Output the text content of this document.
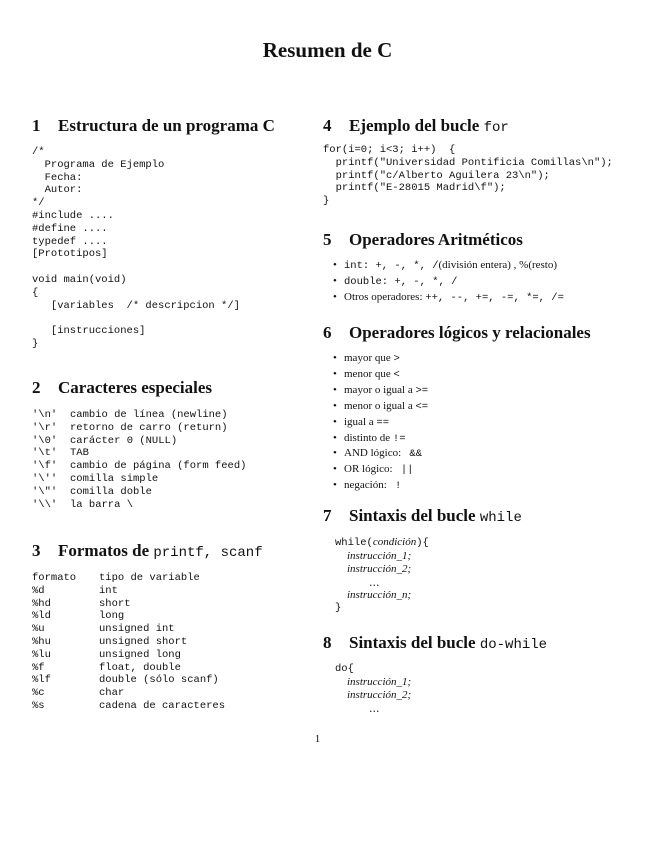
Resumen de C
1 Estructura de un programa C
/*
Programa de Ejemplo
Fecha:
Autor:
*/
#include ....
#define ....
typedef ....
[Prototipos]

void main(void)
{
[variables  /* descripcion */]

[instrucciones]
}
2 Caracteres especiales
'\n' cambio de línea (newline)
'\r' retorno de carro (return)
'\0' carácter 0 (NULL)
'\t' TAB
'\f' cambio de página (form feed)
'\'' comilla simple
'\"' comilla doble
'\\' la barra \
3 Formatos de printf, scanf
formato tipo de variable
%d	int
%hd	short
%ld	long
%u	unsigned int
%hu	unsigned short
%lu	unsigned long
%f	float, double
%lf	double (sólo scanf)
%c	char
%s	cadena de caracteres
4 Ejemplo del bucle for
for(i=0; i<3; i++)  {
printf("Universidad Pontificia Comillas\n");
printf("c/Alberto Aguilera 23\n");
printf("E-28015 Madrid\f");
}
5 Operadores Aritméticos
• int: +, -, *, /(división entera) , %(resto)
• double: +, -, *, /
• Otros operadores: ++, --, +=, -=, *=, /=
6 Operadores lógicos y relacionales
• mayor que >
• menor que <
• mayor o igual a >=
• menor o igual a <=
• igual a ==
• distinto de !=
• AND lógico:   &&
• OR lógico:   ||
• negación:   !
7 Sintaxis del bucle while
while(condición){
instrucción_1;
instrucción_2;
...
instrucción_n;
}
8 Sintaxis del bucle do-while
do{
instrucción_1;
instrucción_2;
...
1
